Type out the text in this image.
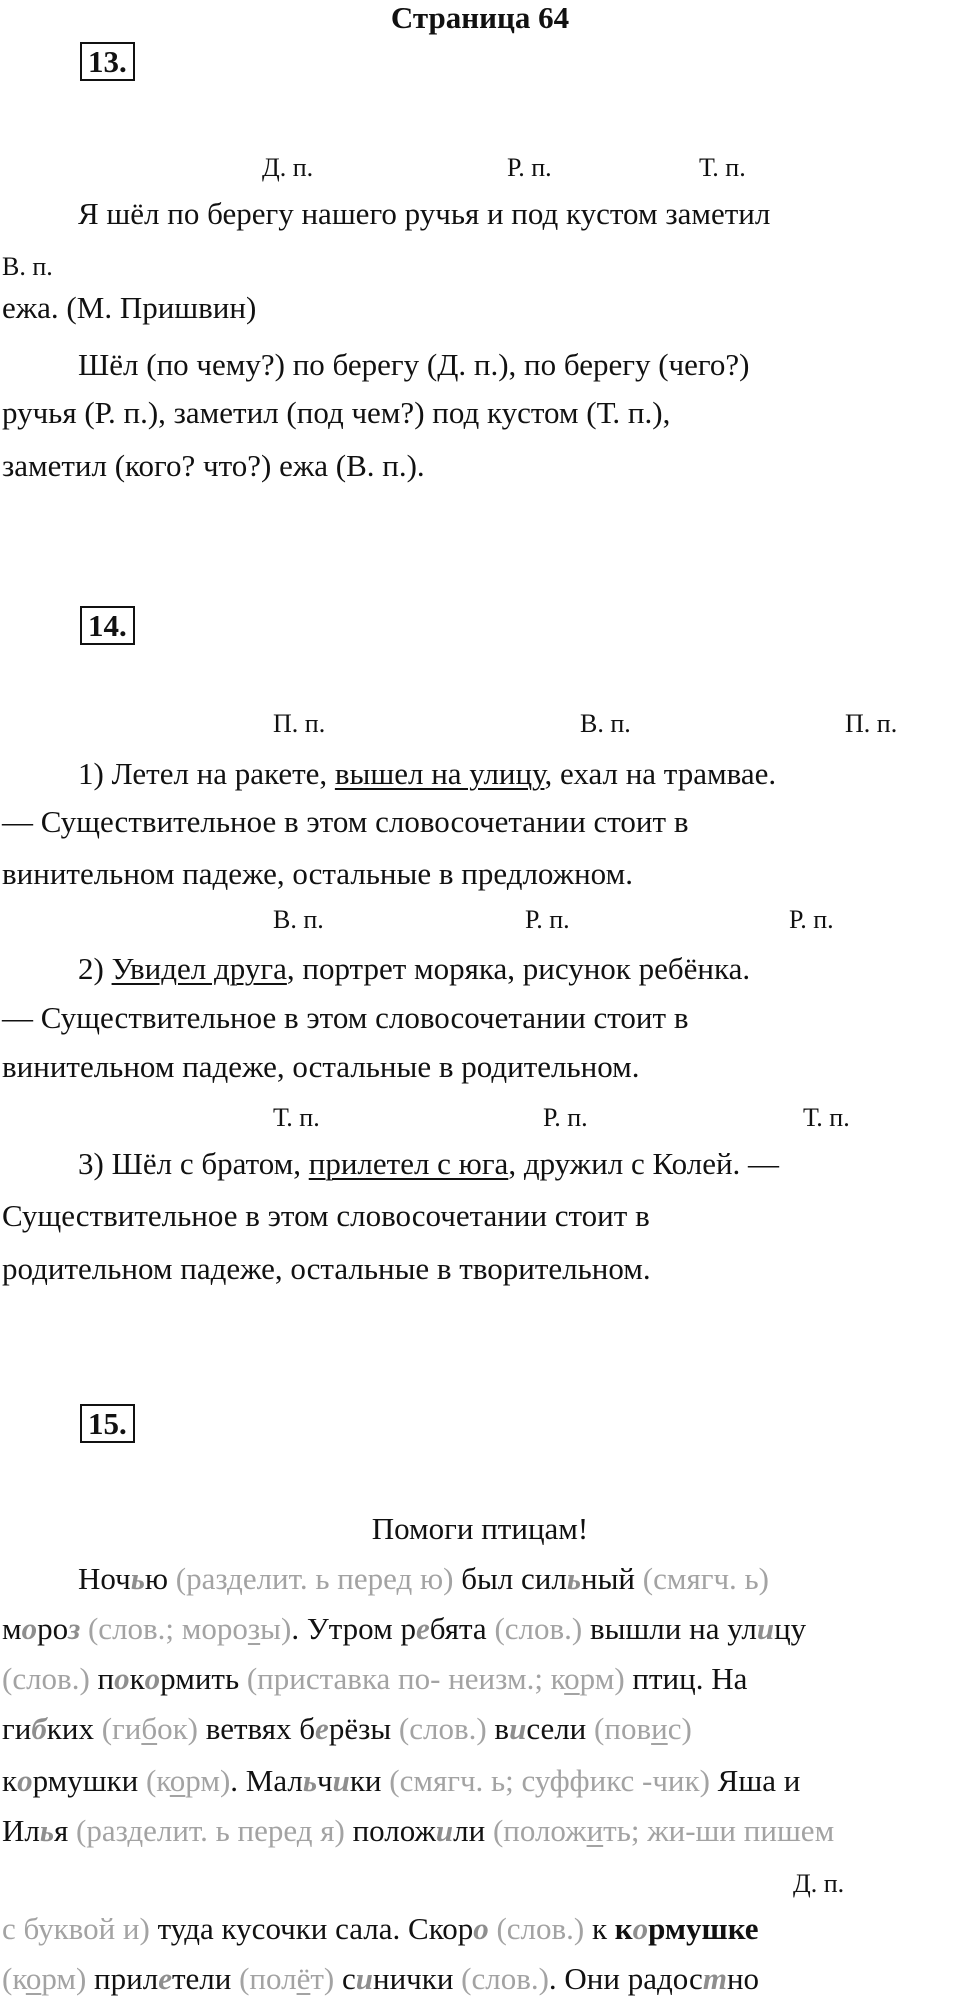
Страница 64
13.
Д. п.	Р. п.	Т. п.
Я шёл по берегу нашего ручья и под кустом заметил
В. п.
ежа. (М. Пришвин)
Шёл (по чему?) по берегу (Д. п.), по берегу (чего?)
ручья (Р. п.), заметил (под чем?) под кустом (Т. п.),
заметил (кого? что?) ежа (В. п.).
14.
П. п.	В. п.	П. п.
1) Летел на ракете, вышел на улицу, ехал на трамвае.
— Существительное в этом словосочетании стоит в
винительном падеже, остальные в предложном.
В. п.	Р. п.	Р. п.
2) Увидел друга, портрет моряка, рисунок ребёнка.
— Существительное в этом словосочетании стоит в
винительном падеже, остальные в родительном.
Т. п.	Р. п.	Т. п.
3) Шёл с братом, прилетел с юга, дружил с Колей. —
Существительное в этом словосочетании стоит в
родительном падеже, остальные в творительном.
15.
Помоги птицам!
Ночью (разделит. ь перед ю) был сильный (смягч. ь)
мороз (слов.; морозы). Утром ребята (слов.) вышли на улицу
(слов.) покормить (приставка по- неизм.; корм) птиц. На
гибких (гибок) ветвях берёзы (слов.) висели (повис)
кормушки (корм). Мальчики (смягч. ь; суффикс -чик) Яша и
Илья (разделит. ь перед я) положили (положить; жи-ши пишем
Д. п.
с буквой и) туда кусочки сала. Скоро (слов.) к кормушке
(корм) прилетели (полёт) синички (слов.). Они радостно
